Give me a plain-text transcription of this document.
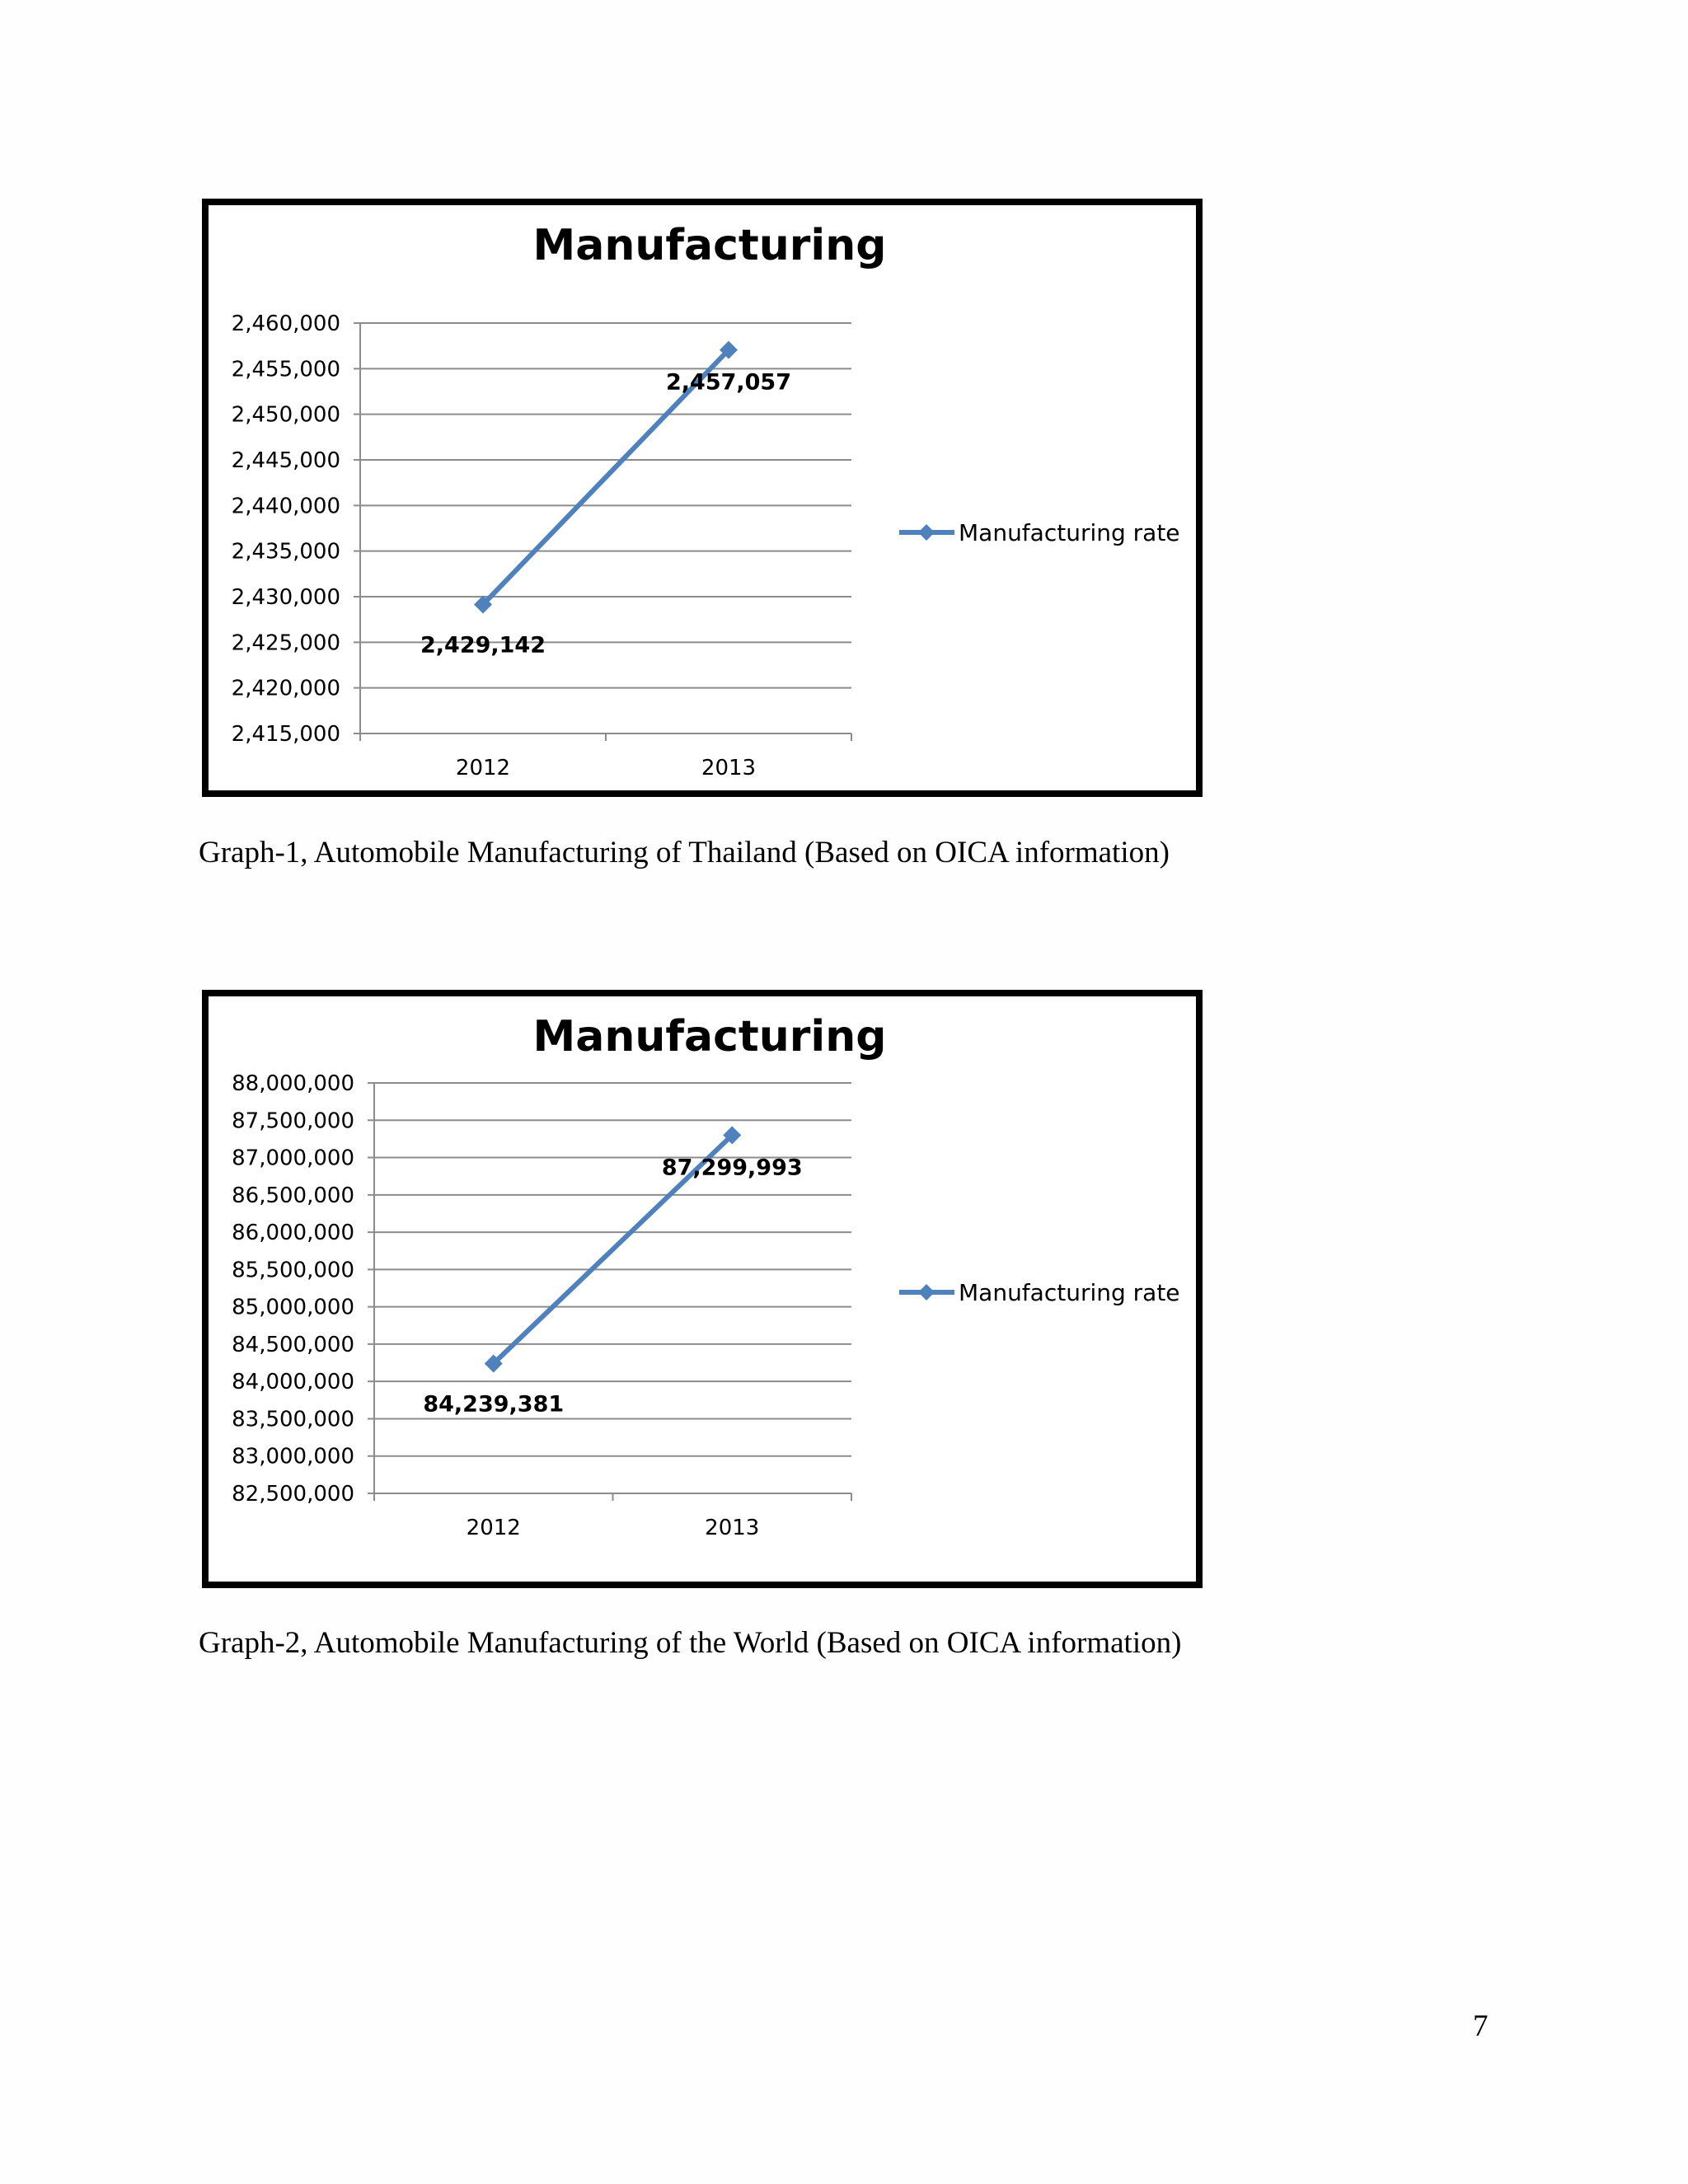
Manufacturing
2,415,000
2,420,000
2,425,000
2,430,000
2,435,000
2,440,000
2,445,000
2,450,000
2,455,000
2,460,000
2012	2013
2,429,142
2,457,057
Manufacturing rate
Graph-1, Automobile Manufacturing of Thailand (Based on OICA information)
Manufacturing
82,500,000
83,000,000
83,500,000
84,000,000
84,500,000
85,000,000
85,500,000
86,000,000
86,500,000
87,000,000
87,500,000
88,000,000
2012	2013
84,239,381
87,299,993
Manufacturing rate
Graph-2, Automobile Manufacturing of the World (Based on OICA information)
7
